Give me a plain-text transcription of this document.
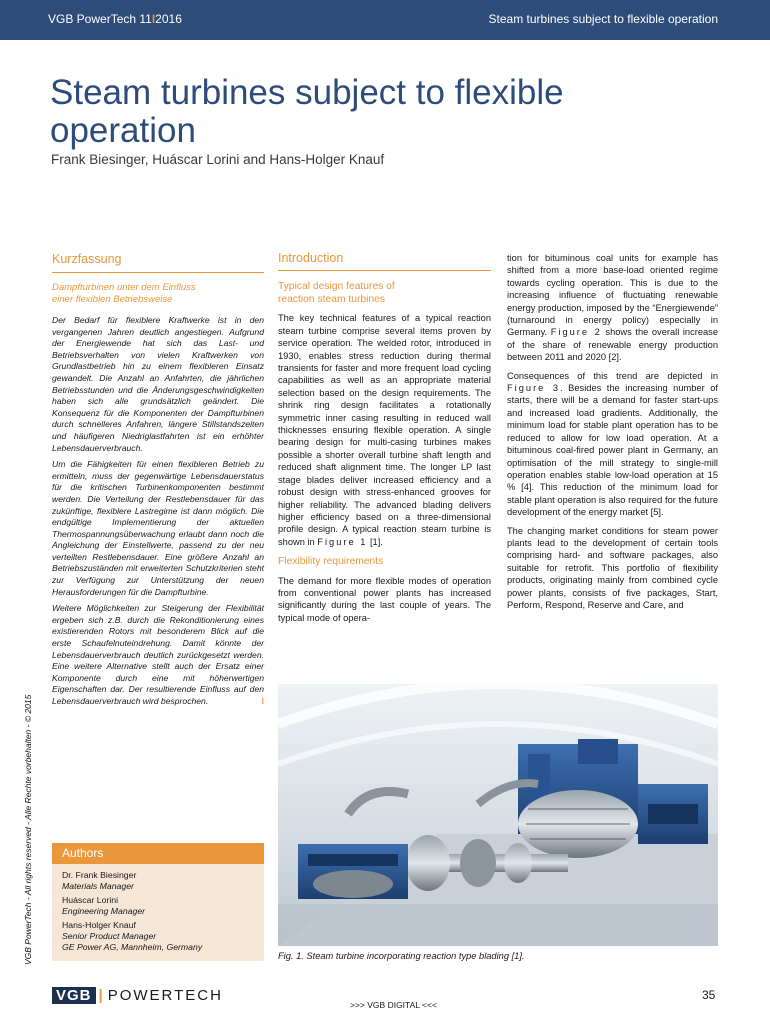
VGB PowerTech 11I2016	Steam turbines subject to flexible operation
Steam turbines subject to flexible operation
Frank Biesinger, Huáscar Lorini and Hans-Holger Knauf
VGB PowerTech - All rights reserved - Alle Rechte vorbehalten - © 2015
Kurzfassung
Dampfturbinen unter dem Einfluss
einer flexiblen Betriebsweise

Der Bedarf für flexiblere Kraftwerke ist in den vergangenen Jahren deutlich angestiegen. Aufgrund der Energiewende hat sich das Last- und Betriebsverhalten von vielen Kraftwerken von Grundlastbetrieb hin zu einem flexibleren Einsatz gewandelt. Die Anzahl an Anfahrten, die jährlichen Betriebsstunden und die Änderungsgeschwindigkeiten haben sich alle grundsätzlich geändert. Die Konsequenz für die Komponenten der Dampfturbinen durch schnelleres Anfahren, längere Stillstandszeiten und häufigeren Niedriglastfahrten ist ein erhöhter Lebensdauerverbrauch.

Um die Fähigkeiten für einen flexibleren Betrieb zu ermitteln, muss der gegenwärtige Lebensdauerstatus für die kritischen Turbinenkomponenten bestimmt werden. Die Verteilung der Restlebensdauer für das zukünftige, flexiblere Lastregime ist dann möglich. Die endgültige Implementierung der aktuellen Thermospannungsüberwachung erlaubt dann noch die Angleichung der Einstellwerte, passend zu der neu verteilten Restlebensdauer. Eine größere Anzahl an Betriebszuständen mit erweiterten Schutzkriterien steht zur Verfügung zur Unterstützung der neuen Herausforderungen für die Dampfturbine.

Weitere Möglichkeiten zur Steigerung der Flexibilität ergeben sich z.B. durch die Rekonditionierung eines existierenden Rotors mit besonderem Blick auf die erste Schaufelnuteindrehung. Damit könnte der Lebensdauerverbrauch deutlich zurückgesetzt werden. Eine weitere Alternative stellt auch der Ersatz einer Komponente durch eine mit höherwertigen Eigenschaften dar. Der resultierende Einfluss auf den Lebensdauerverbrauch wird besprochen.	l

Authors
Dr. Frank Biesinger
Materials Manager
Huáscar Lorini
Engineering Manager
Hans-Holger Knauf
Senior Product Manager
GE Power AG, Mannheim, Germany
Introduction
Typical design features of
reaction steam turbines

The key technical features of a typical reaction steam turbine comprise several items proven by service operation. The welded rotor, introduced in 1930, enables stress reduction during thermal transients for faster and more frequent load cycling capabilities as well as an appropriate material selection based on the design requirements. The shrink ring design facilitates a rotationally symmetric inner casing resulting in reduced wall thicknesses ensuring flexible operation. A single bearing design for multi-casing turbines makes possible a shorter overall turbine shaft length and reduced shaft alignment time. The longer LP last stage blades deliver increased efficiency and a robust design with stress-enhanced grooves for higher reliability. The advanced blading delivers higher efficiency based on a three-dimensional profile design. A typical reaction steam turbine is shown in Figure 1 [1].

Flexibility requirements

The demand for more flexible modes of operation from conventional power plants has increased significantly during the last couple of years. The typical mode of opera-

tion for bituminous coal units for example has shifted from a more base-load oriented regime towards cycling operation. This is due to the increasing influence of fluctuating renewable energy production, imposed by the “Energiewende” (turnaround in energy policy) especially in Germany. Figure 2 shows the overall increase of the share of renewable energy production between 2011 and 2020 [2].

Consequences of this trend are depicted in Figure 3. Besides the increasing number of starts, there will be a demand for faster start-ups and increased load gradients. Additionally, the minimum load for stable plant operation has to be reduced to allow for low load operation. At a bituminous coal-fired power plant in Germany, an optimisation of the mill strategy to single-mill operation enables stable low-load operation at 15 % [4]. This reduction of the minimum load for stable plant operation is also required for the future development of the energy market [5].

The changing market conditions for steam power plants lead to the development of certain tools comprising hard- and software packages, also suitable for retrofit. This portfolio of flexibility products, originating mainly from combined cycle power plants, consists of five packages, Start, Perform, Respond, Reserve and Care, and

Fig. 1. Steam turbine incorporating reaction type blading [1].
VGB | POWERTECH
>>> VGB DIGITAL <<<
35
